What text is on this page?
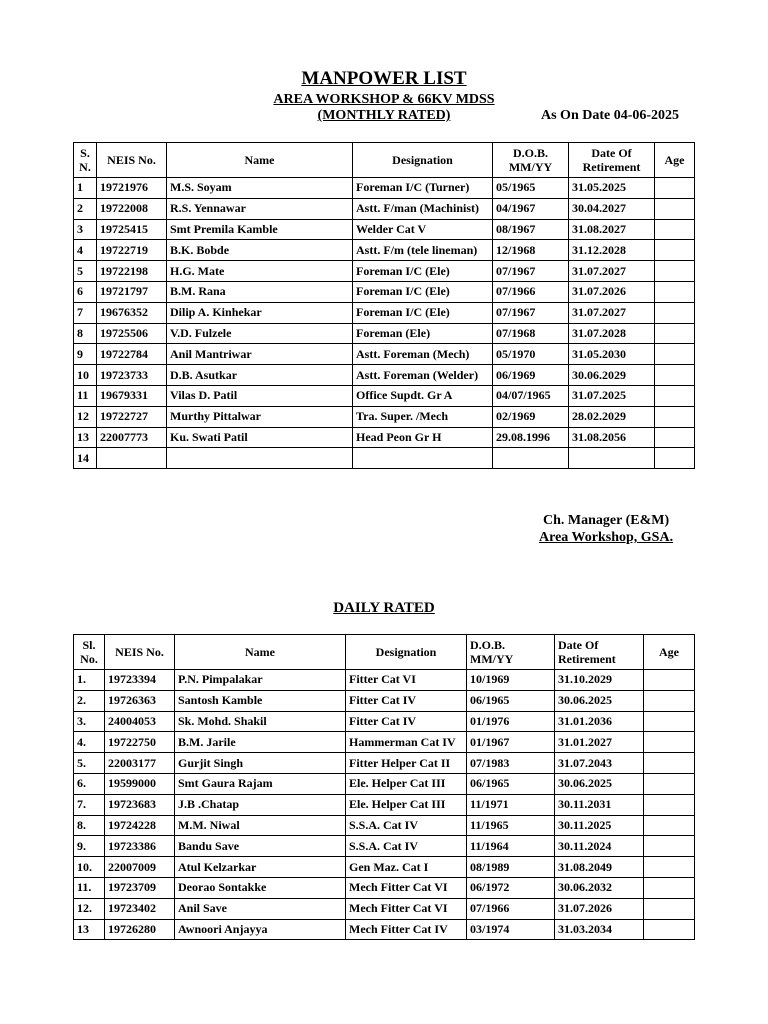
MANPOWER LIST
AREA WORKSHOP & 66KV MDSS
(MONTHLY RATED)	As On Date 04-06-2025
S. N.	NEIS No.	Name	Designation	D.O.B. MM/YY	Date Of Retirement	Age
1	19721976	M.S. Soyam	Foreman I/C (Turner)	05/1965	31.05.2025	
2	19722008	R.S. Yennawar	Astt. F/man (Machinist)	04/1967	30.04.2027	
3	19725415	Smt Premila Kamble	Welder Cat V	08/1967	31.08.2027	
4	19722719	B.K. Bobde	Astt. F/m (tele lineman)	12/1968	31.12.2028	
5	19722198	H.G. Mate	Foreman I/C (Ele)	07/1967	31.07.2027	
6	19721797	B.M. Rana	Foreman I/C (Ele)	07/1966	31.07.2026	
7	19676352	Dilip A. Kinhekar	Foreman I/C (Ele)	07/1967	31.07.2027	
8	19725506	V.D. Fulzele	Foreman (Ele)	07/1968	31.07.2028	
9	19722784	Anil Mantriwar	Astt. Foreman (Mech)	05/1970	31.05.2030	
10	19723733	D.B. Asutkar	Astt. Foreman (Welder)	06/1969	30.06.2029	
11	19679331	Vilas D. Patil	Office Supdt. Gr A	04/07/1965	31.07.2025	
12	19722727	Murthy Pittalwar	Tra. Super. /Mech	02/1969	28.02.2029	
13	22007773	Ku. Swati Patil	Head Peon Gr H	29.08.1996	31.08.2056	
14						
Ch. Manager (E&M)
Area Workshop, GSA.
DAILY RATED
Sl. No.	NEIS No.	Name	Designation	D.O.B. MM/YY	Date Of Retirement	Age
1.	19723394	P.N. Pimpalakar	Fitter Cat VI	10/1969	31.10.2029	
2.	19726363	Santosh Kamble	Fitter Cat IV	06/1965	30.06.2025	
3.	24004053	Sk. Mohd. Shakil	Fitter Cat IV	01/1976	31.01.2036	
4.	19722750	B.M. Jarile	Hammerman Cat IV	01/1967	31.01.2027	
5.	22003177	Gurjit Singh	Fitter Helper Cat II	07/1983	31.07.2043	
6.	19599000	Smt Gaura Rajam	Ele. Helper Cat III	06/1965	30.06.2025	
7.	19723683	J.B .Chatap	Ele. Helper Cat III	11/1971	30.11.2031	
8.	19724228	M.M. Niwal	S.S.A. Cat IV	11/1965	30.11.2025	
9.	19723386	Bandu Save	S.S.A. Cat IV	11/1964	30.11.2024	
10.	22007009	Atul Kelzarkar	Gen Maz. Cat I	08/1989	31.08.2049	
11.	19723709	Deorao Sontakke	Mech Fitter Cat VI	06/1972	30.06.2032	
12.	19723402	Anil Save	Mech Fitter Cat VI	07/1966	31.07.2026	
13	19726280	Awnoori Anjayya	Mech Fitter Cat IV	03/1974	31.03.2034	
